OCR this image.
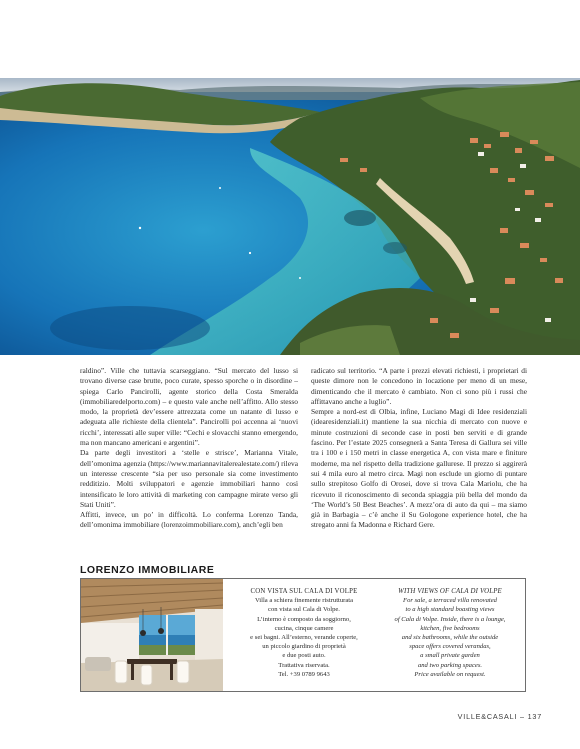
raldino”. Ville che tuttavia scarseggiano. “Sul mercato del lusso si trovano diverse case brutte, poco curate, spesso sporche o in disordine – spiega Carlo Pancirolli, agente storico della Costa Smeralda (immobiliaredelporto.com) – e questo vale anche nell’affitto. Allo stesso modo, la proprietà dev’essere attrezzata come un natante di lusso e adeguata alle richieste della clientela”. Pancirolli poi accenna ai ‘nuovi ricchi’, interessati alle super ville: “Cechi e slovacchi stanno emergendo, ma non mancano americani e argentini”.

Da parte degli investitori a ‘stelle e strisce’, Marianna Vitale, dell’omonima agenzia (https://www.mariannavitalerealestate.com/) rileva un interesse crescente “sia per uso personale sia come investimento redditizio. Molti sviluppatori e agenzie immobiliari hanno così intensificato le loro attività di marketing con campagne mirate verso gli Stati Uniti”.

Affitti, invece, un po’ in difficoltà. Lo conferma Lorenzo Tanda, dell’omonima immobiliare (lorenzoimmobiliare.com), anch’egli ben

radicato sul territorio. “A parte i prezzi elevati richiesti, i proprietari di queste dimore non le concedono in locazione per meno di un mese, dimenticando che il mercato è cambiato. Non ci sono più i russi che affittavano anche a luglio”.

Sempre a nord-est di Olbia, infine, Luciano Magi di Idee residenziali (idearesidenziali.it) mantiene la sua nicchia di mercato con nuove e minute costruzioni di seconde case in posti ben serviti e di grande fascino. Per l’estate 2025 consegnerà a Santa Teresa di Gallura sei ville tra i 100 e i 150 metri in classe energetica A, con vista mare e finiture moderne, ma nel rispetto della tradizione gallurese. Il prezzo si aggirerà sui 4 mila euro al metro circa. Magi non esclude un giorno di puntare sullo strepitoso Golfo di Orosei, dove si trova Cala Mariolu, che ha ricevuto il riconoscimento di seconda spiaggia più bella del mondo da ‘The World’s 50 Best Beaches’. A mezz’ora di auto da qui – ma siamo già in Barbagia – c’è anche il Su Gologone experience hotel, che ha stregato anni fa Madonna e Richard Gere.

LORENZO IMMOBILIARE
CON VISTA SUL CALA DI VOLPE
Villa a schiera finemente ristrutturata
con vista sul Cala di Volpe.
L’interno è composto da soggiorno,
cucina, cinque camere
e sei bagni. All’esterno, verande coperte,
un piccolo giardino di proprietà
e due posti auto.
Trattativa riservata.
Tel. +39 0789 9643
WITH VIEWS OF CALA DI VOLPE
For sale, a terraced villa renovated
to a high standard boasting views
of Cala di Volpe. Inside, there is a lounge,
kitchen, five bedrooms
and six bathrooms, while the outside
space offers covered verandas,
a small private garden
and two parking spaces.
Price available on request.
VILLE&CASALI – 137
